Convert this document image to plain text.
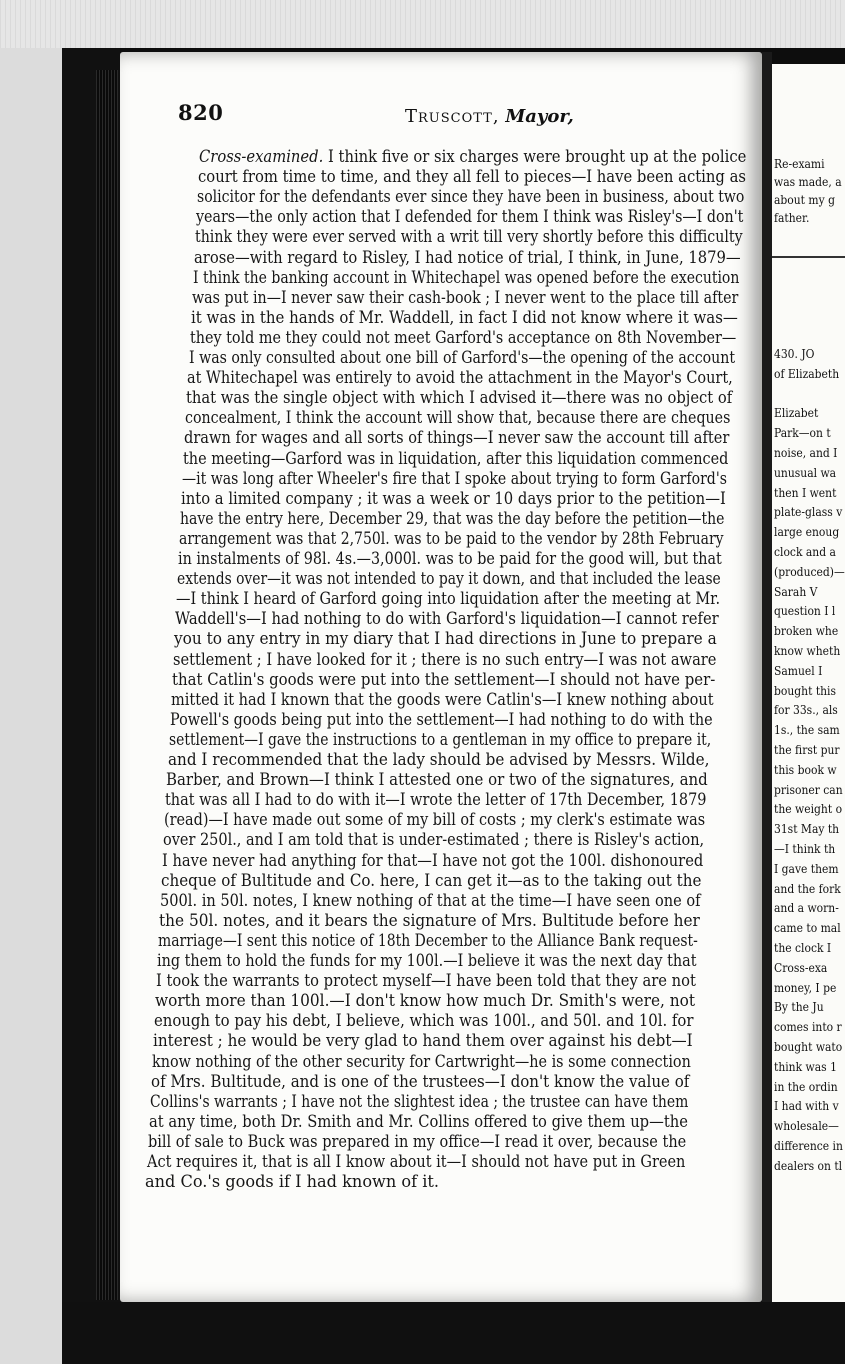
820	Truscott, Mayor,
Cross-examined. I think five or six charges were brought up at the police
court from time to time, and they all fell to pieces—I have been acting as
solicitor for the defendants ever since they have been in business, about two
years—the only action that I defended for them I think was Risley's—I don't
think they were ever served with a writ till very shortly before this difficulty
arose—with regard to Risley, I had notice of trial, I think, in June, 1879—
I think the banking account in Whitechapel was opened before the execution
was put in—I never saw their cash-book ; I never went to the place till after
it was in the hands of Mr. Waddell, in fact I did not know where it was—
they told me they could not meet Garford's acceptance on 8th November—
I was only consulted about one bill of Garford's—the opening of the account
at Whitechapel was entirely to avoid the attachment in the Mayor's Court,
that was the single object with which I advised it—there was no object of
concealment, I think the account will show that, because there are cheques
drawn for wages and all sorts of things—I never saw the account till after
the meeting—Garford was in liquidation, after this liquidation commenced
—it was long after Wheeler's fire that I spoke about trying to form Garford's
into a limited company ; it was a week or 10 days prior to the petition—I
have the entry here, December 29, that was the day before the petition—the
arrangement was that 2,750l. was to be paid to the vendor by 28th February
in instalments of 98l. 4s.—3,000l. was to be paid for the good will, but that
extends over—it was not intended to pay it down, and that included the lease
—I think I heard of Garford going into liquidation after the meeting at Mr.
Waddell's—I had nothing to do with Garford's liquidation—I cannot refer
you to any entry in my diary that I had directions in June to prepare a
settlement ; I have looked for it ; there is no such entry—I was not aware
that Catlin's goods were put into the settlement—I should not have per-
mitted it had I known that the goods were Catlin's—I knew nothing about
Powell's goods being put into the settlement—I had nothing to do with the
settlement—I gave the instructions to a gentleman in my office to prepare it,
and I recommended that the lady should be advised by Messrs. Wilde,
Barber, and Brown—I think I attested one or two of the signatures, and
that was all I had to do with it—I wrote the letter of 17th December, 1879
(read)—I have made out some of my bill of costs ; my clerk's estimate was
over 250l., and I am told that is under-estimated ; there is Risley's action,
I have never had anything for that—I have not got the 100l. dishonoured
cheque of Bultitude and Co. here, I can get it—as to the taking out the
500l. in 50l. notes, I knew nothing of that at the time—I have seen one of
the 50l. notes, and it bears the signature of Mrs. Bultitude before her
marriage—I sent this notice of 18th December to the Alliance Bank request-
ing them to hold the funds for my 100l.—I believe it was the next day that
I took the warrants to protect myself—I have been told that they are not
worth more than 100l.—I don't know how much Dr. Smith's were, not
enough to pay his debt, I believe, which was 100l., and 50l. and 10l. for
interest ; he would be very glad to hand them over against his debt—I
know nothing of the other security for Cartwright—he is some connection
of Mrs. Bultitude, and is one of the trustees—I don't know the value of
Collins's warrants ; I have not the slightest idea ; the trustee can have them
at any time, both Dr. Smith and Mr. Collins offered to give them up—the
bill of sale to Buck was prepared in my office—I read it over, because the
Act requires it, that is all I know about it—I should not have put in Green
and Co.'s goods if I had known of it.
Re-exami
was made, a
about my g
father.
430. JO
of Elizabeth
Elizabet
Park—on t
noise, and I
unusual wa
then I went
plate-glass v
large enoug
clock and a
(produced)—
Sarah V
question I l
broken whe
know wheth
Samuel I
bought this
for 33s., als
1s., the sam
the first pur
this book w
prisoner can
the weight o
31st May th
—I think th
I gave them
and the fork
and a worn-
came to mal
the clock I
Cross-exa
money, I pe
By the Ju
comes into r
bought wato
think was 1
in the ordin
I had with v
wholesale—
difference in
dealers on tl
